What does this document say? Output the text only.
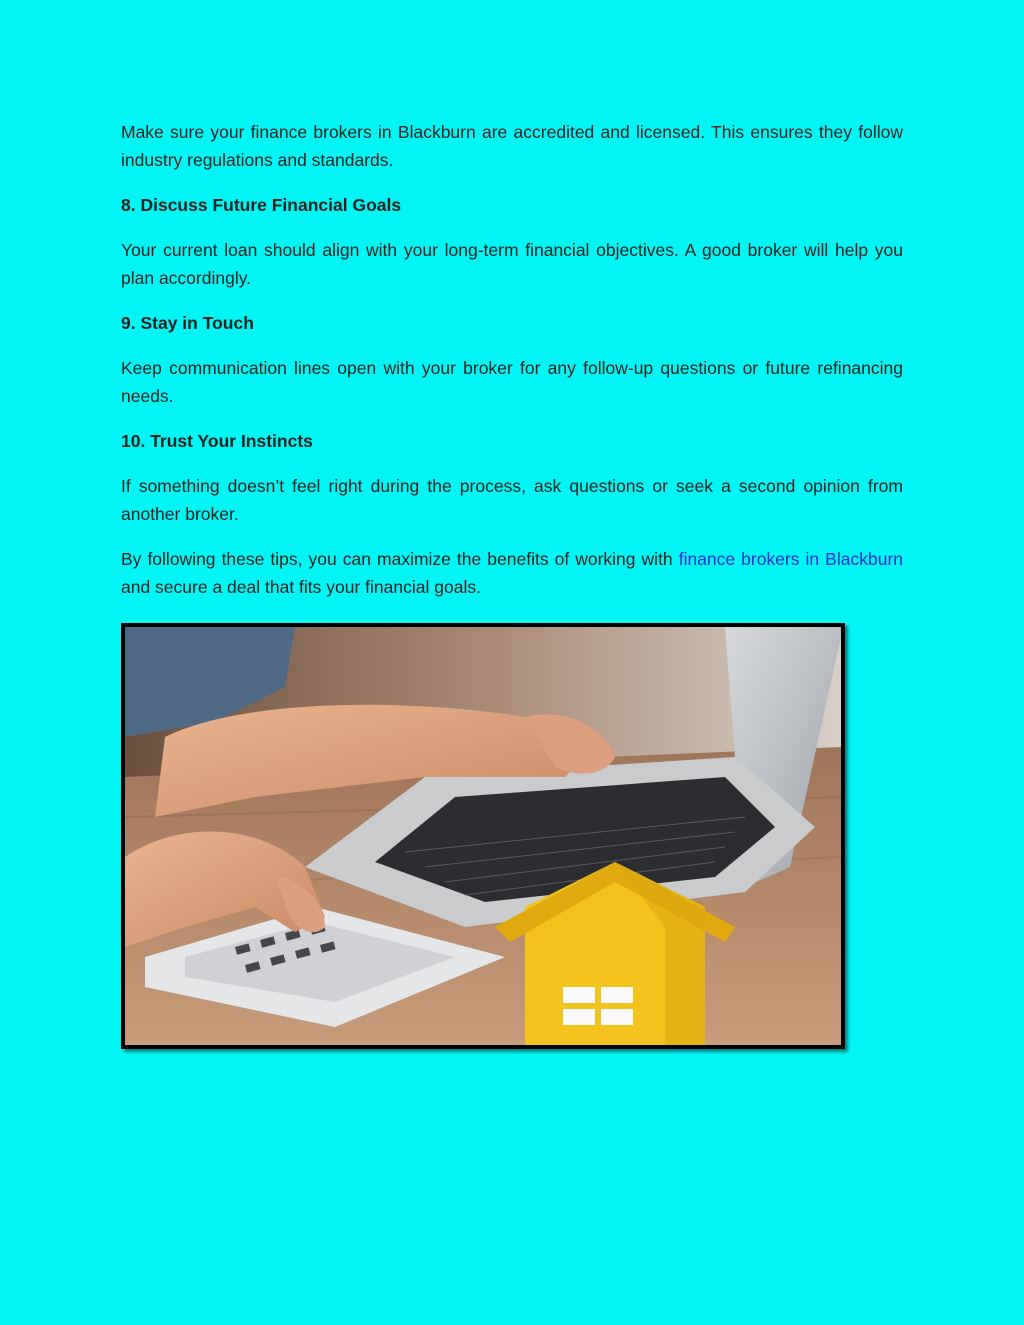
Make sure your finance brokers in Blackburn are accredited and licensed. This ensures they follow industry regulations and standards.

8. Discuss Future Financial Goals

Your current loan should align with your long-term financial objectives. A good broker will help you plan accordingly.

9. Stay in Touch

Keep communication lines open with your broker for any follow-up questions or future refinancing needs.

10. Trust Your Instincts

If something doesn’t feel right during the process, ask questions or seek a second opinion from another broker.

By following these tips, you can maximize the benefits of working with finance brokers in Blackburn and secure a deal that fits your financial goals.
